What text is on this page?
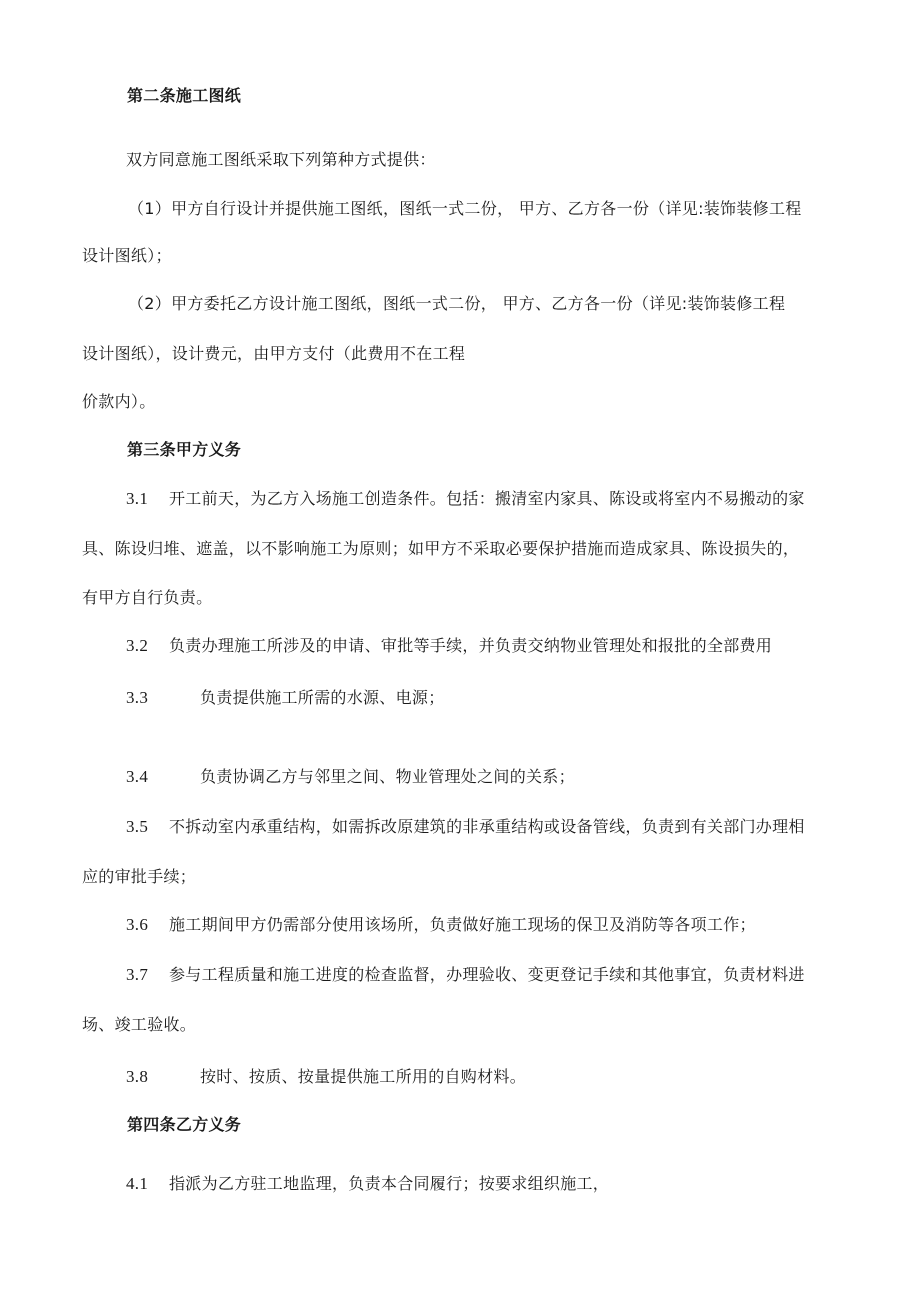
第二条施工图纸
双方同意施工图纸采取下列第种方式提供：
（1）甲方自行设计并提供施工图纸，图纸一式二份， 甲方、乙方各一份（详见:装饰装修工程
设计图纸）；
（2）甲方委托乙方设计施工图纸，图纸一式二份， 甲方、乙方各一份（详见:装饰装修工程
设计图纸），设计费元，由甲方支付（此费用不在工程
价款内）。
第三条甲方义务
3.1 开工前天，为乙方入场施工创造条件。包括：搬清室内家具、陈设或将室内不易搬动的家
具、陈设归堆、遮盖，以不影响施工为原则；如甲方不采取必要保护措施而造成家具、陈设损失的，
有甲方自行负责。
3.2 负责办理施工所涉及的申请、审批等手续，并负责交纳物业管理处和报批的全部费用
3.3	负责提供施工所需的水源、电源；
3.4	负责协调乙方与邻里之间、物业管理处之间的关系；
3.5 不拆动室内承重结构，如需拆改原建筑的非承重结构或设备管线，负责到有关部门办理相
应的审批手续；
3.6 施工期间甲方仍需部分使用该场所，负责做好施工现场的保卫及消防等各项工作；
3.7 参与工程质量和施工进度的检查监督，办理验收、变更登记手续和其他事宜，负责材料进
场、竣工验收。
3.8	按时、按质、按量提供施工所用的自购材料。
第四条乙方义务
4.1 指派为乙方驻工地监理，负责本合同履行；按要求组织施工，
